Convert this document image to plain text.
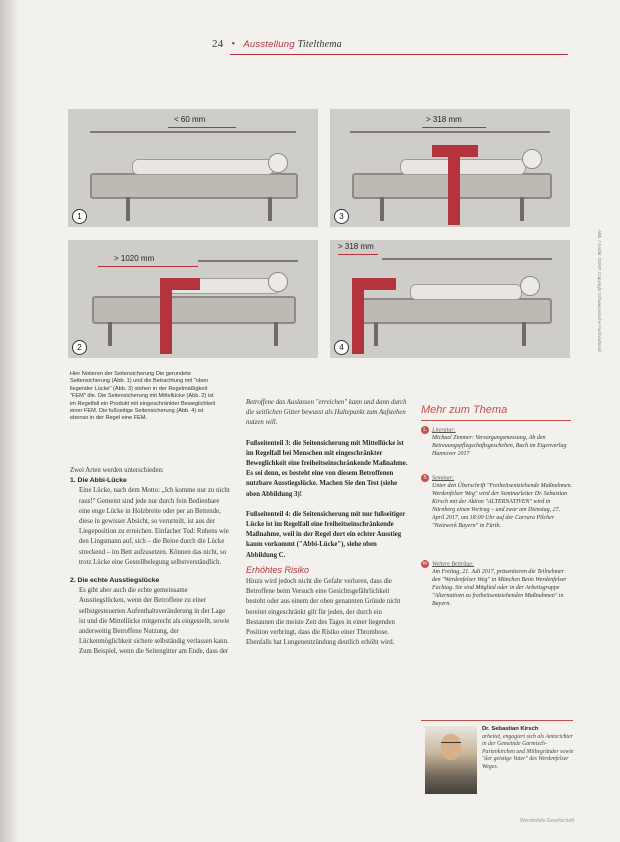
24 • Ausstellung Titelthema
< 60 mm
1
> 318 mm
3
> 1020 mm
2
> 318 mm
4	Abb. / Grafik: DGKP, Copyright Schweizerische Fachverband
Hier Notieren der Seitensicherung Die gerundete Seitensicherung (Abb. 1) und die Betrachtung mit "oben liegender Lücke" (Abb. 3) stehen in der Regelmäßigkeit "FEM" die. Die Seitensicherung mit Mittellücke (Abb. 2) ist im Regelfall ein Produkt mit eingeschränkter Beweglichkeit einer FEM. Die fußseitige Seitensicherung (Abb. 4) ist ebenso in der Regel eine FEM.

Zwei Arten werden unterschieden:

1. Die Abbi-Lücke

Eine Lücke, nach dem Motto: „Ich komme nur zu nicht raus!" Gemeint sind jede nur durch fein Bedienbare eine enge Lücke in Holzbreite oder per an Bettende, diese in gewisser Absicht, so verurteilt, ist aus der Liegeposition zu erreichen. Einfacher Tod: Ruhens wie den Lingsmann auf, sich – die Beine durch die Lücke streckend – im Bett aufzusetzen. Können das nicht, so trotz Lücke eine Gestellbelegung selbstverständlich.

2. Die echte Ausstiegslücke

Es gibt aber auch die echte gemeinsame Ausstiegslücken, wenn der Betroffene zu einer selbstgesteuerten Aufenthaltsveränderung in der Lage ist und die Mittellücke mitgerecht als eingestellt, sowie anderweitig Betroffene Nutzung, der Lückenmöglichkeit sichere selbständig verlassen kann. Zum Beispiel, wenn die Seitengitter am Ende, dass der

Betroffene das Auslassen "erreichen" kann und dann durch die seitlichen Gitter bewusst als Haltepunkt zum Aufstehen nutzen will.

Fußseitenteil 3: die Seitensicherung mit Mittellücke ist im Regelfall bei Menschen mit eingeschränkter Beweglichkeit eine freiheitseinschränkende Maßnahme. Es sei denn, es besteht eine von diesem Betroffenen nutzbare Ausstiegslücke. Machen Sie den Test (siehe oben Abbildung 3)!

Fußseitenteil 4: die Seitensicherung mit nur fußseitiger Lücke ist im Regelfall eine freiheitseinschränkende Maßnahme, weil in der Regel dort ein echter Ausstieg kaum vorkommt ("Abbi-Lücke"), siehe oben Abbildung C.

Erhöhtes Risiko

Hinzu wird jedoch nicht die Gefahr verloren, dass die Betroffene beim Versuch eine Gesichtsgefährlichkeit besteht oder aus einem der oben genannten Gründe nicht bereitet eingeschränkt gilt für jeden, der durch ein Bestaunen die meiste Zeit des Tages in einer liegenden Position verbringt, dass die Risiko einer Thrombose. Ebenfalls hat Lungenentzündung deutlich erhöht wird.

Mehr zum Thema
L Literatur:
Michael Zimmer: Versorgungsmessung, Ab den Betreuungspflegschaftsgeschehen, Buch im Eigenverlag Hannover 2017
S Seminar:
Unter den Überschrift "Freiheitsentziehende Maßnahmen. Werdenfelser Weg" wird der Seminarleiter Dr. Sebastian Kirsch mit der Aktion "ALTERNATIVEN" wird in Nürnberg einen Vortrag – und zwar am Dienstag, 27. April 2017, um 18:00 Uhr auf der Carrara Pilcher "Netzwerk Bayern" in Fürth.
W Weitere Beiträge:
Am Freitag, 21. Juli 2017, präsentieren die Teilnehmer den "Werdenfelser Weg" in München Beim Werdenfelser Fachtag. Sie sind Mitglied oder in der Arbeitsgruppe "Alternativen zu freiheitsentziehenden Maßnahmen" in Bayern.
Dr. Sebastian Kirsch
arbeitet, engagiert sich als Amtsrichter in der Gemeinde Garmisch-Partenkirchen und Mitbegründer sowie "der geistige Vater" des Werdenfelser Weges.
Werdenfels Gesellschaft
